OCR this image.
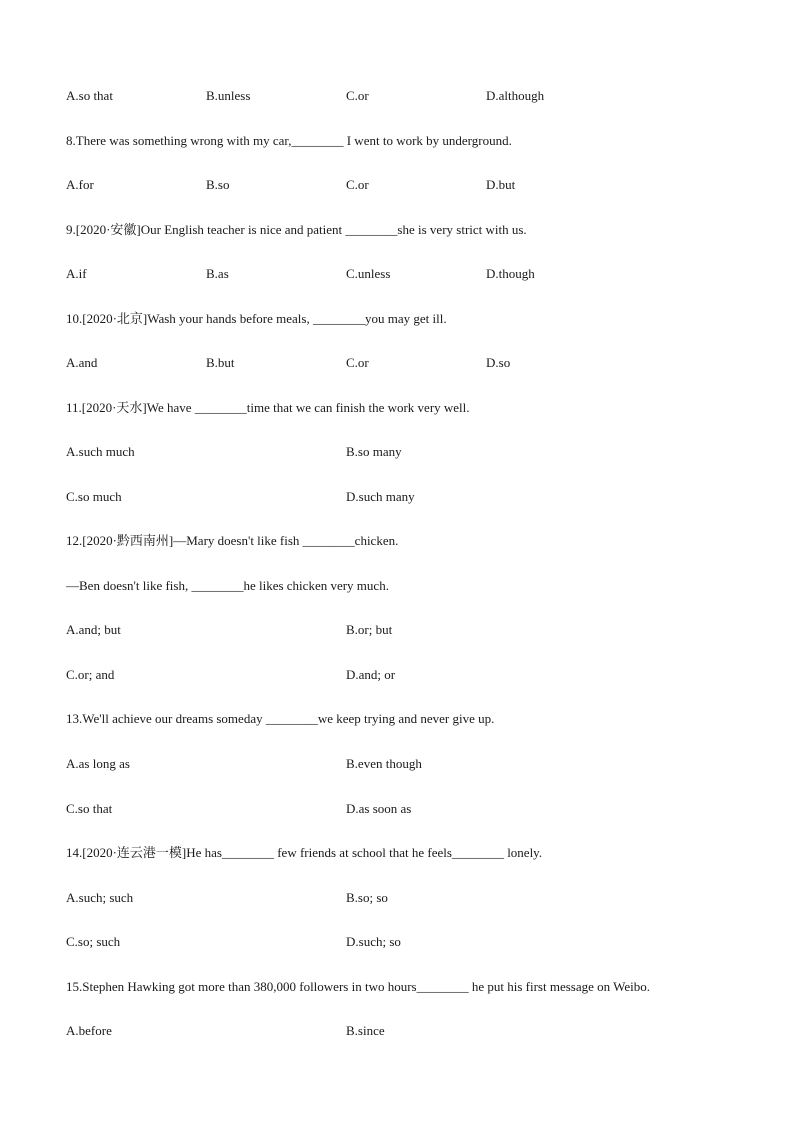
A.so that	B.unless	C.or	D.although
8.There was something wrong with my car,________ I went to work by underground.
A.for	B.so	C.or	D.but
9.[2020·安徽]Our English teacher is nice and patient ________she is very strict with us.
A.if	B.as	C.unless	D.though
10.[2020·北京]Wash your hands before meals, ________you may get ill.
A.and	B.but	C.or	D.so
11.[2020·天水]We have ________time that we can finish the work very well.
A.such much	B.so many
C.so much	D.such many
12.[2020·黔西南州]—Mary doesn't like fish ________chicken.
—Ben doesn't like fish, ________he likes chicken very much.
A.and; but	B.or; but
C.or; and	D.and; or
13.We'll achieve our dreams someday ________we keep trying and never give up.
A.as long as	B.even though
C.so that	D.as soon as
14.[2020·连云港一模]He has________ few friends at school that he feels________ lonely.
A.such; such	B.so; so
C.so; such	D.such; so
15.Stephen Hawking got more than 380,000 followers in two hours________ he put his first message on Weibo.
A.before	B.since
